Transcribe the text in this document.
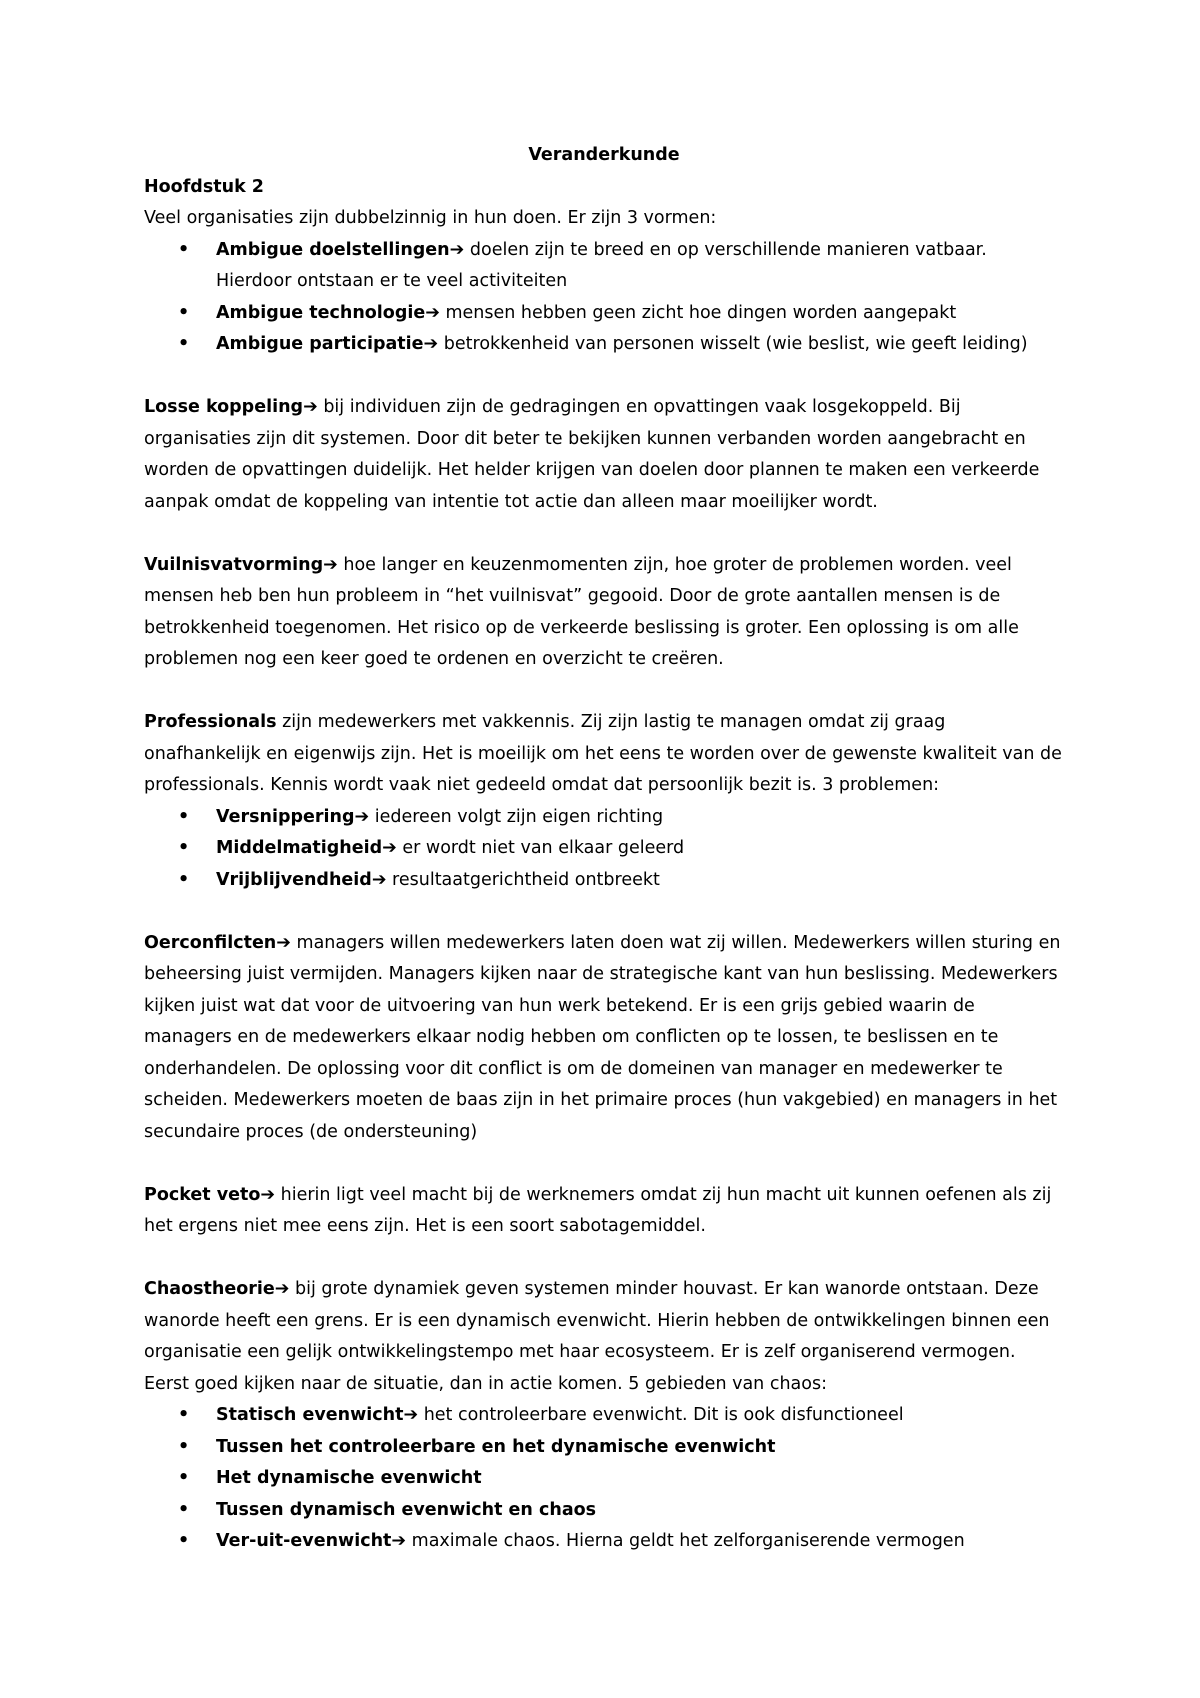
Veranderkunde

Hoofdstuk 2

Veel organisaties zijn dubbelzinnig in hun doen. Er zijn 3 vormen:

• Ambigue doelstellingen➔ doelen zijn te breed en op verschillende manieren vatbaar. Hierdoor ontstaan er te veel activiteiten
• Ambigue technologie➔ mensen hebben geen zicht hoe dingen worden aangepakt
• Ambigue participatie➔ betrokkenheid van personen wisselt (wie beslist, wie geeft leiding)

Losse koppeling➔ bij individuen zijn de gedragingen en opvattingen vaak losgekoppeld. Bij organisaties zijn dit systemen. Door dit beter te bekijken kunnen verbanden worden aangebracht en worden de opvattingen duidelijk. Het helder krijgen van doelen door plannen te maken een verkeerde aanpak omdat de koppeling van intentie tot actie dan alleen maar moeilijker wordt.

Vuilnisvatvorming➔ hoe langer en keuzenmomenten zijn, hoe groter de problemen worden. veel mensen heb ben hun probleem in “het vuilnisvat” gegooid. Door de grote aantallen mensen is de betrokkenheid toegenomen. Het risico op de verkeerde beslissing is groter. Een oplossing is om alle problemen nog een keer goed te ordenen en overzicht te creëren.

Professionals zijn medewerkers met vakkennis. Zij zijn lastig te managen omdat zij graag onafhankelijk en eigenwijs zijn. Het is moeilijk om het eens te worden over de gewenste kwaliteit van de professionals. Kennis wordt vaak niet gedeeld omdat dat persoonlijk bezit is. 3 problemen:

• Versnippering➔ iedereen volgt zijn eigen richting
• Middelmatigheid➔ er wordt niet van elkaar geleerd
• Vrijblijvendheid➔ resultaatgerichtheid ontbreekt

Oerconfilcten➔ managers willen medewerkers laten doen wat zij willen. Medewerkers willen sturing en beheersing juist vermijden. Managers kijken naar de strategische kant van hun beslissing. Medewerkers kijken juist wat dat voor de uitvoering van hun werk betekend. Er is een grijs gebied waarin de managers en de medewerkers elkaar nodig hebben om conflicten op te lossen, te beslissen en te onderhandelen. De oplossing voor dit conflict is om de domeinen van manager en medewerker te scheiden. Medewerkers moeten de baas zijn in het primaire proces (hun vakgebied) en managers in het secundaire proces (de ondersteuning)

Pocket veto➔ hierin ligt veel macht bij de werknemers omdat zij hun macht uit kunnen oefenen als zij het ergens niet mee eens zijn. Het is een soort sabotagemiddel.

Chaostheorie➔ bij grote dynamiek geven systemen minder houvast. Er kan wanorde ontstaan. Deze wanorde heeft een grens. Er is een dynamisch evenwicht. Hierin hebben de ontwikkelingen binnen een organisatie een gelijk ontwikkelingstempo met haar ecosysteem. Er is zelf organiserend vermogen. Eerst goed kijken naar de situatie, dan in actie komen. 5 gebieden van chaos:

• Statisch evenwicht➔ het controleerbare evenwicht. Dit is ook disfunctioneel
• Tussen het controleerbare en het dynamische evenwicht
• Het dynamische evenwicht
• Tussen dynamisch evenwicht en chaos
• Ver-uit-evenwicht➔ maximale chaos. Hierna geldt het zelforganiserende vermogen
